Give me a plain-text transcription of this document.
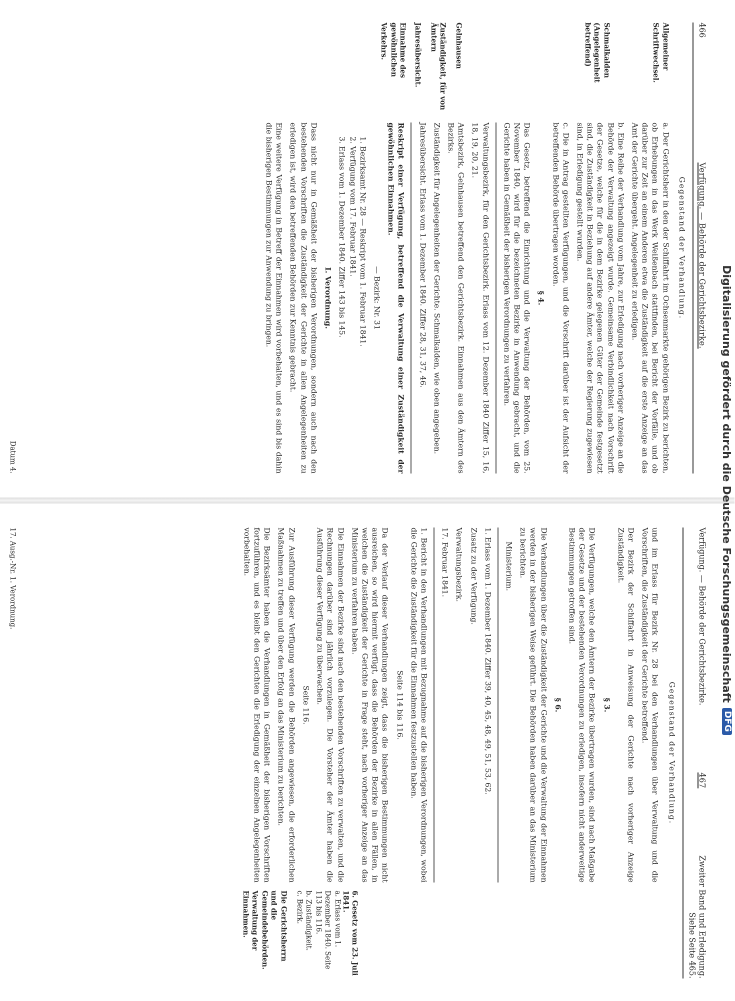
466
Verfügung. — Behörde der Gerichtsbezirke.
Gegenstand der Verhandlung.
Allgemeiner Schriftwechsel.
Schmalkalden (Angelegenheit betreffend)
Gelnhausen
Zuständigkeit, für von Ämtern
Jahresübersicht.
Einnahme des gewöhnlichen Verkehrs.

a. Der Gerichtsherr in den der Schiffahrt im Ochsenmarkte gehörigen Bezirk zu berichten, ob Erhebungen in das Werk Weißenbach stattfinden, bei Bericht der Vorfälle, und ob darüber zur Zeit an einem Anderen etwa die Zuständigkeit auf die erste Anzeige an das Amt der Gerichte übergeht. Angelegenheit zu erledigen.

b. Eine Reihe der Verhandlung vom Jahre, zur Erledigung nach vorheriger Anzeige an die Behörde der Verwaltung angezeigt wurde. Gemeinsame Verbindlichkeit nach Vorschrift der Gesetze, welche für die in dem Bezirke gelegenen Güter der Gemeinde festgesetzt sind, die Zuständigkeit in Beziehung auf andere Ämter, welche der Regierung zugewiesen sind, in Erledigung gestellt wurden.

c. Die in Antrag gestellten Verfügungen, und die Vorschrift darüber ist der Aufsicht der betreffenden Behörde übertragen worden.

§ 4.

Das Gesetz, betreffend die Einrichtung und die Verwaltung der Behörden, vom 25. November 1840, wird für die bezeichneten Bezirke in Anwendung gebracht, und die Gerichte haben in Gemäßheit der bisherigen Verordnungen zu verfahren.

Verwaltungsbezirk, für den Gerichtsbezirk. Erlass vom 12. Dezember 1840 Ziffer 15, 16, 18, 19, 20, 21.

Amtsbezirk, Gelnhausen betreffend den Gerichtsbezirk. Einnahmen aus den Ämtern des Bezirks.

Zuständigkeit für Angelegenheiten der Gerichte. Schmalkalden, wie oben angegeben.

Jahresübersicht. Erlass vom 1. Dezember 1840. Ziffer 28, 31, 37, 46.

Reskript einer Verfügung, betreffend die Verwaltung einer Zuständigkeit der gewöhnlichen Einnahmen.

— Bezirk: Nr. 31
1. Bezirksamt Nr. 28 — Reskript vom 1. Februar 1841.
2. Verfügung vom 17. Februar 1841.
3. Erlass vom 1. Dezember 1840. Ziffer 143 bis 145.
I. Verordnung.

Dass nicht nur in Gemäßheit der bisherigen Verordnungen, sondern auch nach den bestehenden Vorschriften die Zuständigkeit der Gerichte in allen Angelegenheiten zu erledigen ist, wird den betreffenden Behörden zur Kenntnis gebracht.

Eine weitere Verfügung in Betreff der Einnahmen wird vorbehalten, und es sind bis dahin die bisherigen Bestimmungen zur Anwendung zu bringen.

Datum 4.
Verfügung. — Behörde der Gerichtsbezirke.
467
Zweiter Band und Erledigung.
Siehe Seite 465.
Gegenstand der Verhandlung.

und im Erlass für Bezirk Nr. 28 bei den Verhandlungen über Verwaltung und die Vorschriften, die Zuständigkeit der Gerichte betreffend.

Der Bezirk der Schiffahrt in Anweisung der Gerichte nach vorheriger Anzeige Zuständigkeit.

§ 3.

Die Verfügungen, welche den Ämtern der Bezirke übertragen wurden, sind nach Maßgabe der Gesetze und der bestehenden Verordnungen zu erledigen, insofern nicht anderweitige Bestimmungen getroffen sind.

§ 6.

Die Verhandlungen über die Zuständigkeit der Gerichte und die Verwaltung der Einnahmen werden in der bisherigen Weise geführt. Die Behörden haben darüber an das Ministerium zu berichten.

Ministerium.

1. Erlass vom 1. Dezember 1840. Ziffer 39, 40, 45, 48, 49, 51, 53, 62.

Zusatz zu der Verfügung.

Verwaltungsbezirk.

17. Februar 1841.

1. Bericht in den Verhandlungen mit Bezugnahme auf die bisherigen Verordnungen, wobei die Gerichte die Zuständigkeit für die Einnahmen festzustellen haben.

Seite 114 bis 116.

Da der Verlauf dieser Verhandlungen zeigt, dass die bisherigen Bestimmungen nicht ausreichen, so wird hiermit verfügt, dass die Behörden der Bezirke in allen Fällen, in welchen die Zuständigkeit der Gerichte in Frage steht, nach vorheriger Anzeige an das Ministerium zu verfahren haben.

Die Einnahmen der Bezirke sind nach den bestehenden Vorschriften zu verwalten, und die Rechnungen darüber sind jährlich vorzulegen. Die Vorsteher der Ämter haben die Ausführung dieser Verfügung zu überwachen.

Seite 116.

Zur Ausführung dieser Verfügung werden die Behörden angewiesen, die erforderlichen Maßnahmen zu treffen und über den Erfolg an das Ministerium zu berichten.

Die Bezirksämter haben die Verhandlungen in Gemäßheit der bisherigen Vorschriften fortzuführen, und es bleibt den Gerichten die Erledigung der einzelnen Angelegenheiten vorbehalten.

6. Gesetz vom 23. Juli 1841.
a. Erlass vom 1. Dezember 1840. Seite 113 bis 116.
b. Zuständigkeit.
c. Bezirk.
Die Gerichtsherrn und die Gemeindebehörden. Verwaltung der Einnahmen.
17. Ausg.-Nr. 1. Verordnung.	Digitalisierung gefördert durch die Deutsche Forschungsgemeinschaft
DFG
